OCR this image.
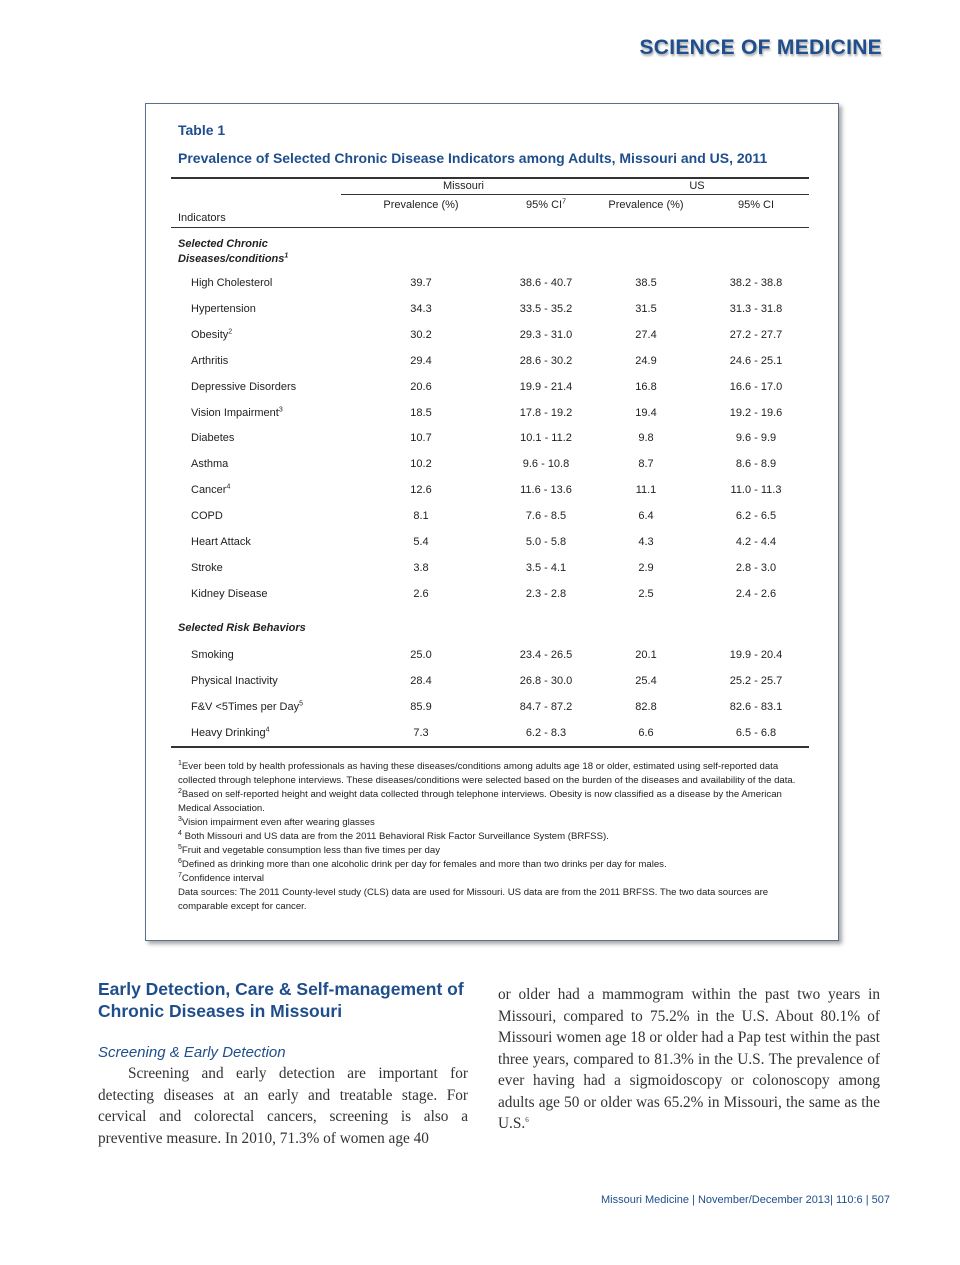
SCIENCE OF MEDICINE
Table 1
Prevalence of Selected Chronic Disease Indicators among Adults, Missouri and US, 2011
Missouri	US
Prevalence (%)	95% $CI^7$	Prevalence (%)	95% CI
Indicators
Selected Chronic
Diseases/conditions$^1$
High Cholesterol	39.7	38.6 - 40.7	38.5	38.2 - 38.8
Hypertension	34.3	33.5 - 35.2	31.5	31.3 - 31.8
Obesity$^2$	30.2	29.3 - 31.0	27.4	27.2 - 27.7
Arthritis	29.4	28.6 - 30.2	24.9	24.6 - 25.1
Depressive Disorders	20.6	19.9 - 21.4	16.8	16.6 - 17.0
Vision Impairment$^3$	18.5	17.8 - 19.2	19.4	19.2 - 19.6
Diabetes	10.7	10.1 - 11.2	9.8	9.6 - 9.9
Asthma	10.2	9.6 - 10.8	8.7	8.6 - 8.9
Cancer$^4$	12.6	11.6 - 13.6	11.1	11.0 - 11.3
COPD	8.1	7.6 - 8.5	6.4	6.2 - 6.5
Heart Attack	5.4	5.0 - 5.8	4.3	4.2 - 4.4
Stroke	3.8	3.5 - 4.1	2.9	2.8 - 3.0
Kidney Disease	2.6	2.3 - 2.8	2.5	2.4 - 2.6
Selected Risk Behaviors
Smoking	25.0	23.4 - 26.5	20.1	19.9 - 20.4
Physical Inactivity	28.4	26.8 - 30.0	25.4	25.2 - 25.7
F&V <5Times per Day$^5$	85.9	84.7 - 87.2	82.8	82.6 - 83.1
Heavy Drinking$^4$	7.3	6.2 - 8.3	6.6	6.5 - 6.8

$^1$Ever been told by health professionals as having these diseases/conditions among adults age 18 or older, estimated using self-reported data collected through telephone interviews. These diseases/conditions were selected based on the burden of the diseases and availability of the data.

$^2$Based on self-reported height and weight data collected through telephone interviews. Obesity is now classified as a disease by the American Medical Association.

$^3$Vision impairment even after wearing glasses

$^4$ Both Missouri and US data are from the 2011 Behavioral Risk Factor Surveillance System (BRFSS).

$^5$Fruit and vegetable consumption less than five times per day

$^6$Defined as drinking more than one alcoholic drink per day for females and more than two drinks per day for males.

$^7$Confidence interval

Data sources: The 2011 County-level study (CLS) data are used for Missouri. US data are from the 2011 BRFSS. The two data sources are comparable except for cancer.

Early Detection, Care & Self-management of Chronic Diseases in Missouri
Screening & Early Detection

Screening and early detection are important for detecting diseases at an early and treatable stage. For cervical and colorectal cancers, screening is also a preventive measure. In 2010, 71.3% of women age 40

or older had a mammogram within the past two years in Missouri, compared to 75.2% in the U.S. About 80.1% of Missouri women age 18 or older had a Pap test within the past three years, compared to 81.3% in the U.S. The prevalence of ever having had a sigmoidoscopy or colonoscopy among adults age 50 or older was 65.2% in Missouri, the same as the U.S.$^6$

Missouri Medicine | November/December 2013| 110:6 | 507
